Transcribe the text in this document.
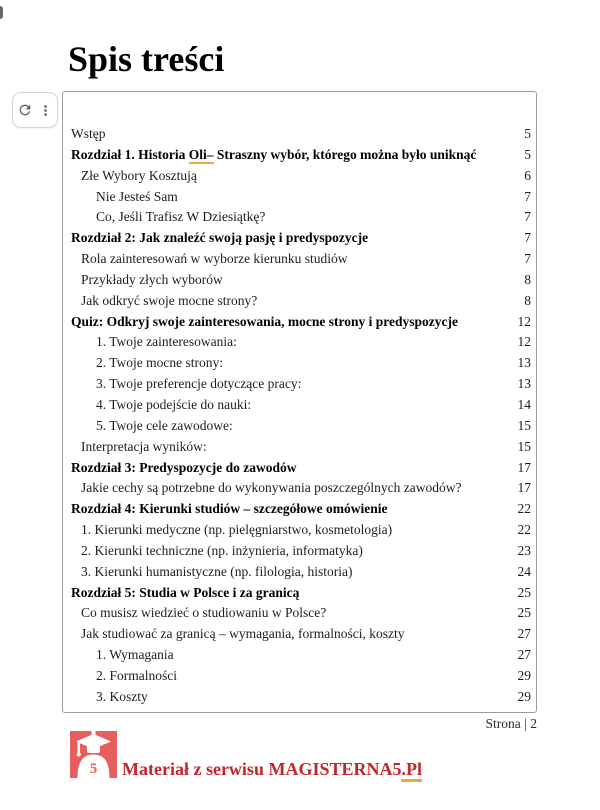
Spis treści
Wstęp	5
Rozdział 1. Historia Oli– Straszny wybór, którego można było uniknąć	5
Złe Wybory Kosztują	6
Nie Jesteś Sam	7
Co, Jeśli Trafisz W Dziesiątkę?	7
Rozdział 2: Jak znaleźć swoją pasję i predyspozycje	7
Rola zainteresowań w wyborze kierunku studiów	7
Przykłady złych wyborów	8
Jak odkryć swoje mocne strony?	8
Quiz: Odkryj swoje zainteresowania, mocne strony i predyspozycje	12
1. Twoje zainteresowania:	12
2. Twoje mocne strony:	13
3. Twoje preferencje dotyczące pracy:	13
4. Twoje podejście do nauki:	14
5. Twoje cele zawodowe:	15
Interpretacja wyników:	15
Rozdział 3: Predyspozycje do zawodów	17
Jakie cechy są potrzebne do wykonywania poszczególnych zawodów?	17
Rozdział 4: Kierunki studiów – szczegółowe omówienie	22
1. Kierunki medyczne (np. pielęgniarstwo, kosmetologia)	22
2. Kierunki techniczne (np. inżynieria, informatyka)	23
3. Kierunki humanistyczne (np. filologia, historia)	24
Rozdział 5: Studia w Polsce i za granicą	25
Co musisz wiedzieć o studiowaniu w Polsce?	25
Jak studiować za granicą – wymagania, formalności, koszty	27
1. Wymagania	27
2. Formalności	29
3. Koszty	29
Strona | 2
5 Materiał z serwisu MAGISTERNA5.Pl
